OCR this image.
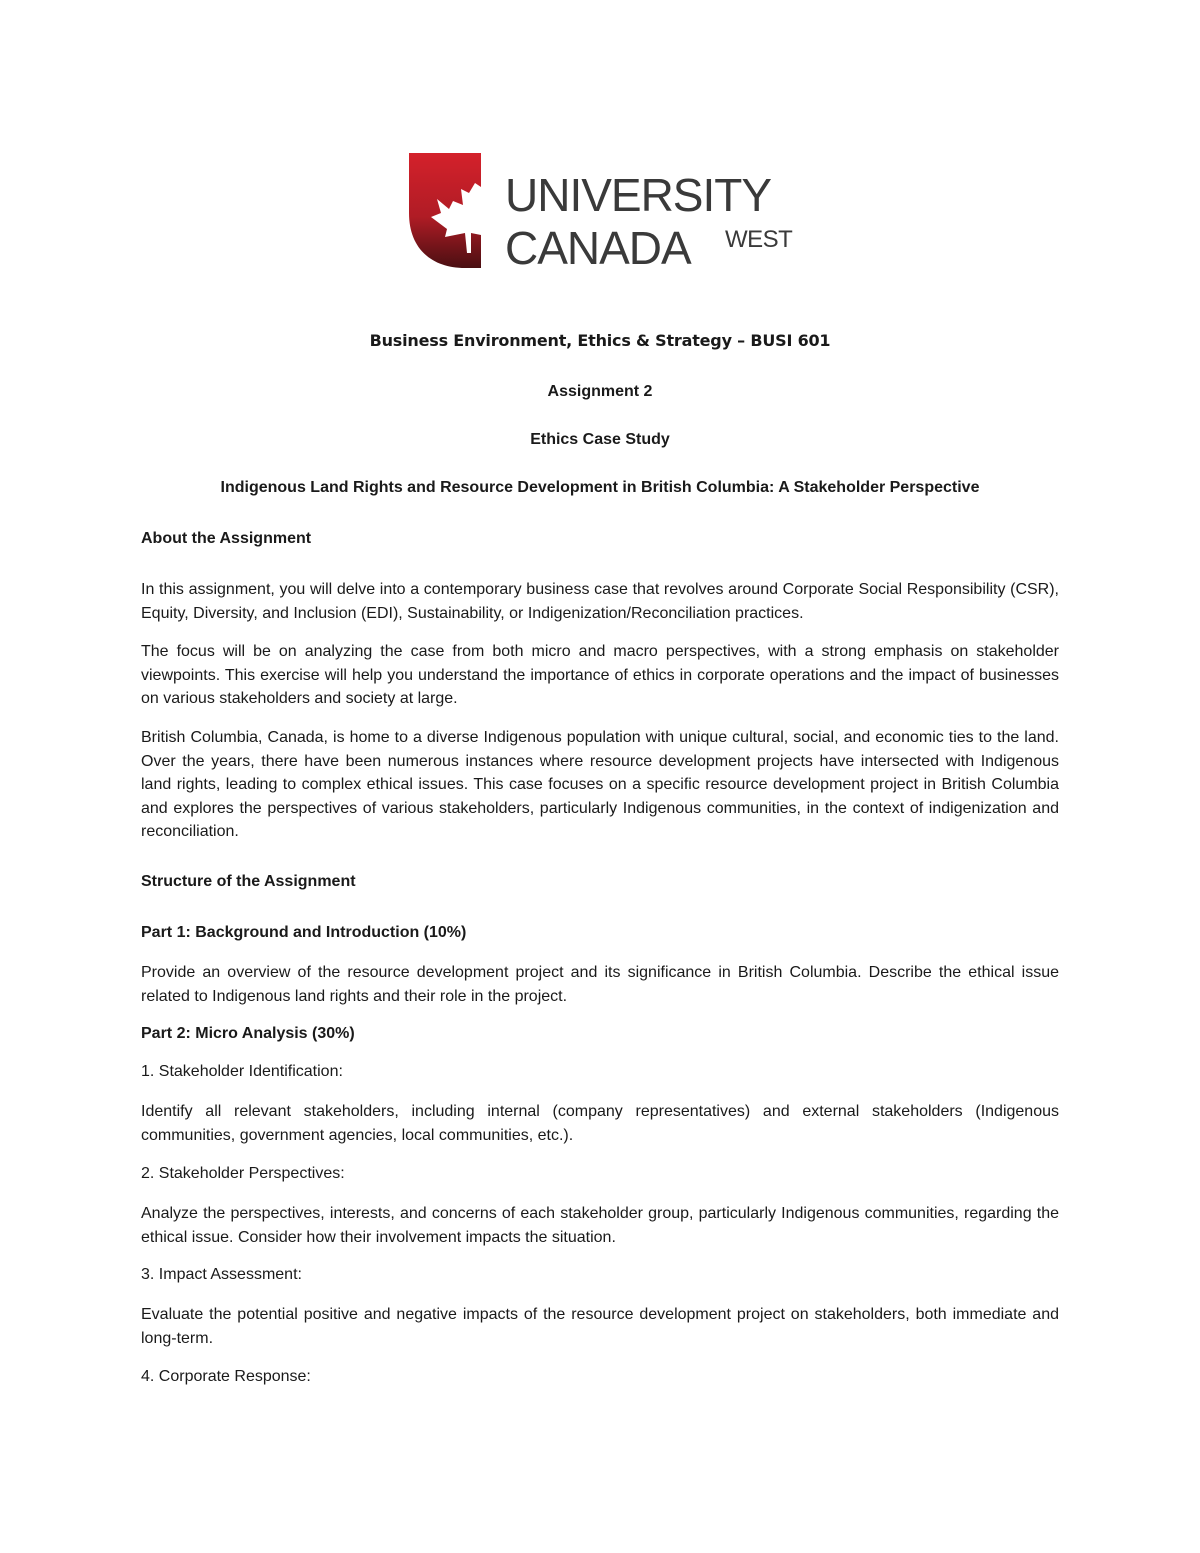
UNIVERSITY
CANADA WEST
Business Environment, Ethics & Strategy – BUSI 601
Assignment 2
Ethics Case Study
Indigenous Land Rights and Resource Development in British Columbia: A Stakeholder Perspective
About the Assignment
In this assignment, you will delve into a contemporary business case that revolves around Corporate Social Responsibility (CSR), Equity, Diversity, and Inclusion (EDI), Sustainability, or Indigenization/Reconciliation practices.
The focus will be on analyzing the case from both micro and macro perspectives, with a strong emphasis on stakeholder viewpoints. This exercise will help you understand the importance of ethics in corporate operations and the impact of businesses on various stakeholders and society at large.
British Columbia, Canada, is home to a diverse Indigenous population with unique cultural, social, and economic ties to the land. Over the years, there have been numerous instances where resource development projects have intersected with Indigenous land rights, leading to complex ethical issues. This case focuses on a specific resource development project in British Columbia and explores the perspectives of various stakeholders, particularly Indigenous communities, in the context of indigenization and reconciliation.
Structure of the Assignment
Part 1: Background and Introduction (10%)
Provide an overview of the resource development project and its significance in British Columbia. Describe the ethical issue related to Indigenous land rights and their role in the project.
Part 2: Micro Analysis (30%)
1. Stakeholder Identification:
Identify all relevant stakeholders, including internal (company representatives) and external stakeholders (Indigenous communities, government agencies, local communities, etc.).
2. Stakeholder Perspectives:
Analyze the perspectives, interests, and concerns of each stakeholder group, particularly Indigenous communities, regarding the ethical issue. Consider how their involvement impacts the situation.
3. Impact Assessment:
Evaluate the potential positive and negative impacts of the resource development project on stakeholders, both immediate and long-term.
4. Corporate Response:
